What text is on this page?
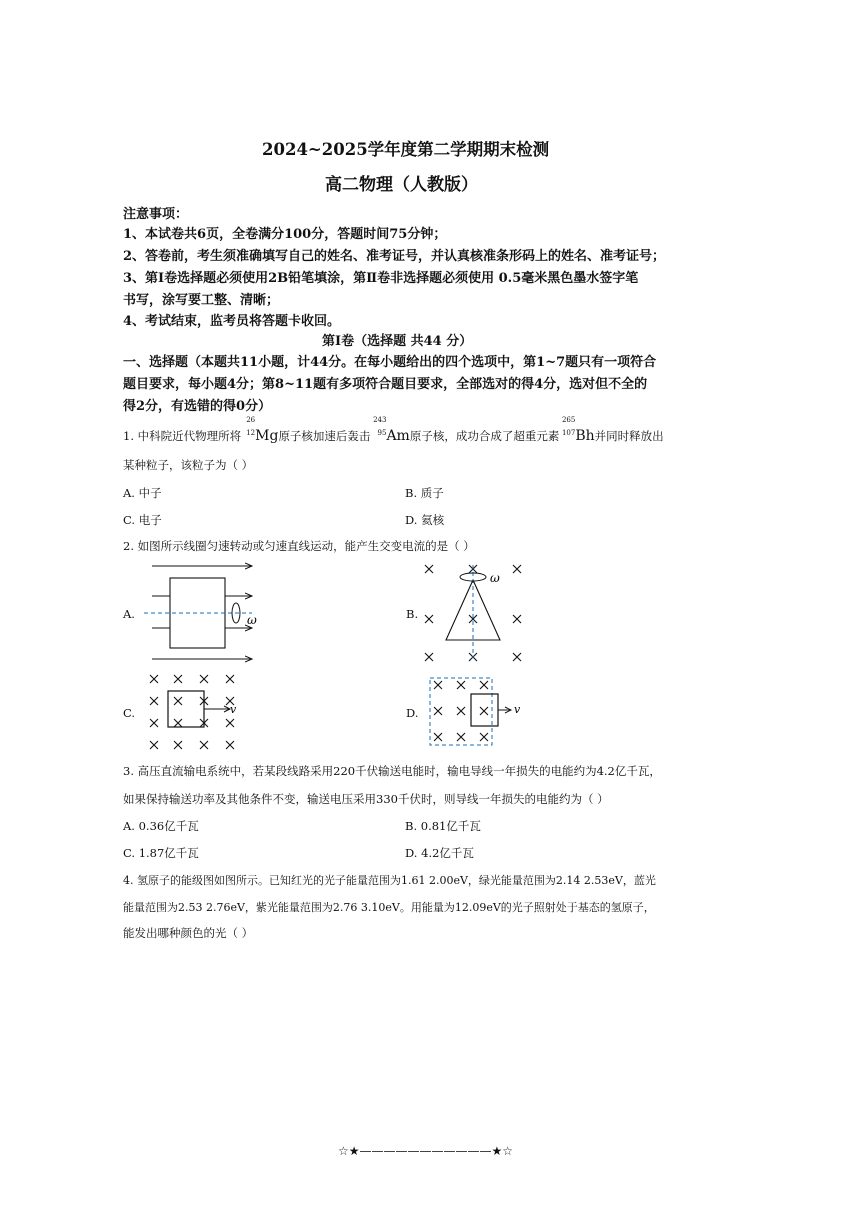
2024~2025学年度第二学期期末检测
高二物理（人教版）
注意事项：
1、本试卷共6页，全卷满分100分，答题时间75分钟；
2、答卷前，考生须准确填写自己的姓名、准考证号，并认真核准条形码上的姓名、准考证号；
3、第Ⅰ卷选择题必须使用2B铅笔填涂，第Ⅱ卷非选择题必须使用 0.5毫米黑色墨水签字笔
书写，涂写要工整、清晰；
4、考试结束，监考员将答题卡收回。
第Ⅰ卷（选择题 共44 分）
一、选择题（本题共11小题，计44分。在每小题给出的四个选项中，第1~7题只有一项符合
题目要求，每小题4分；第8~11题有多项符合题目要求，全部选对的得4分，选对但不全的
得2分，有选错的得0分）
1. 中科院近代物理所将
26
12 Mg原子核加速后轰击
243
95 Am原子核，成功合成了超重元素
265
107 Bh并同时释放出
某种粒子，该粒子为（ ）
A. 中子	B. 质子
C. 电子	D. 氦核
2. 如图所示线圈匀速转动或匀速直线运动，能产生交变电流的是（ ）
A.	B.
C.	D.
ω
ω
v	v
3. 高压直流输电系统中，若某段线路采用220千伏输送电能时，输电导线一年损失的电能约为4.2亿千瓦，
如果保持输送功率及其他条件不变，输送电压采用330千伏时，则导线一年损失的电能约为（ ）
A. 0.36亿千瓦	B. 0.81亿千瓦
C. 1.87亿千瓦	D. 4.2亿千瓦
4. 氢原子的能级图如图所示。已知红光的光子能量范围为1.61 2.00eV，绿光能量范围为2.14 2.53eV，蓝光
能量范围为2.53 2.76eV，紫光能量范围为2.76 3.10eV。用能量为12.09eV的光子照射处于基态的氢原子，
能发出哪种颜色的光（ ）
☆★———————————★☆
